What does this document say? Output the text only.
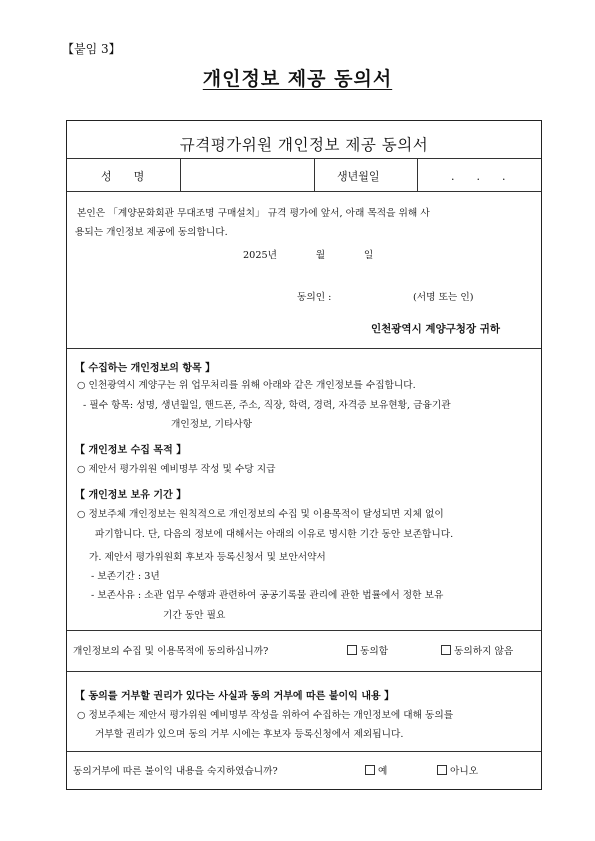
【붙임 3】
개인정보 제공 동의서
규격평가위원 개인정보 제공 동의서
성　　명	생년월일	.　　.　　.
본인은 「계양문화회관 무대조명 구매설치」 규격 평가에 앞서, 아래 목적을 위해 사
용되는 개인정보 제공에 동의합니다.
2025년　　　　월　　　　일
동의인 :	(서명 또는 인)
인천광역시 계양구청장 귀하
【 수집하는 개인정보의 항목 】
○ 인천광역시 계양구는 위 업무처리를 위해 아래와 같은 개인정보를 수집합니다.
- 필수 항목: 성명, 생년월일, 핸드폰, 주소, 직장, 학력, 경력, 자격증 보유현황, 금융기관
개인정보, 기타사항
【 개인정보 수집 목적 】
○ 제안서 평가위원 예비명부 작성 및 수당 지급
【 개인정보 보유 기간 】
○ 정보주체 개인정보는 원칙적으로 개인정보의 수집 및 이용목적이 달성되면 지체 없이
파기합니다. 단, 다음의 정보에 대해서는 아래의 이유로 명시한 기간 동안 보존합니다.
가. 제안서 평가위원회 후보자 등록신청서 및 보안서약서
- 보존기간 : 3년
- 보존사유 : 소관 업무 수행과 관련하여 공공기록물 관리에 관한 법률에서 정한 보유
기간 동안 필요
개인정보의 수집 및 이용목적에 동의하십니까?	동의함	동의하지 않음
【 동의를 거부할 권리가 있다는 사실과 동의 거부에 따른 불이익 내용 】
○ 정보주체는 제안서 평가위원 예비명부 작성을 위하여 수집하는 개인정보에 대해 동의를
거부할 권리가 있으며 동의 거부 시에는 후보자 등록신청에서 제외됩니다.
동의거부에 따른 불이익 내용을 숙지하였습니까?	예	아니오
